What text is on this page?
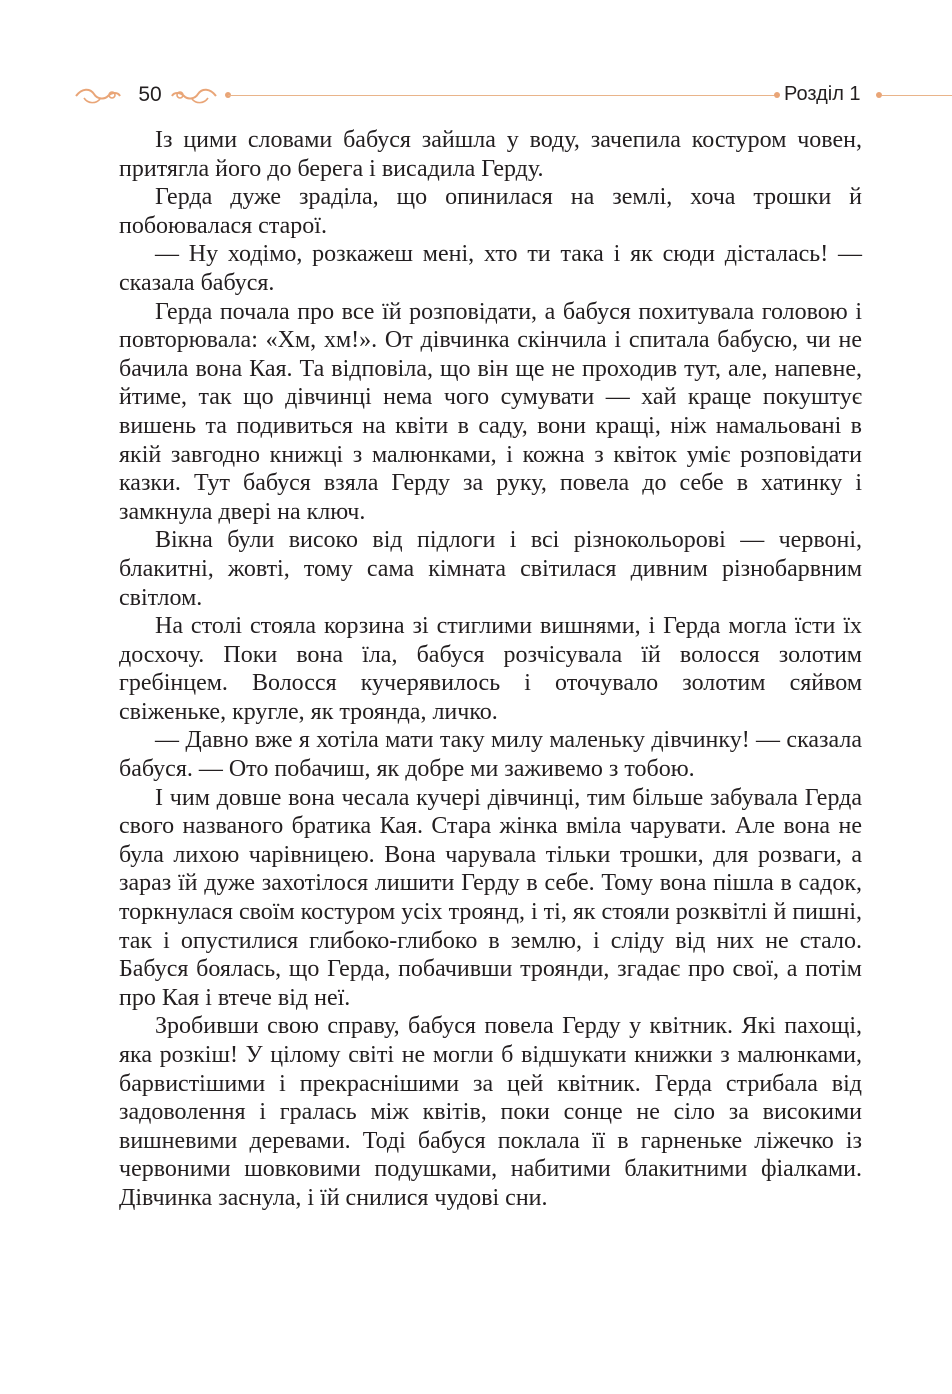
50	Розділ 1

Із цими словами бабуся зайшла у воду, зачепила костуром човен, притягла його до берега і висадила Герду.

Герда дуже зраділа, що опинилася на землі, хоча трошки й побоювалася старої.

— Ну ходімо, розкажеш мені, хто ти така і як сюди дісталась! — сказала бабуся.

Герда почала про все їй розповідати, а бабуся похитувала головою і повторювала: «Хм, хм!». От дівчинка скінчила і спитала бабусю, чи не бачила вона Кая. Та відповіла, що він ще не проходив тут, але, напевне, йтиме, так що дівчинці нема чого сумувати — хай краще покуштує вишень та подивиться на квіти в саду, вони кращі, ніж намальовані в якій завгодно книжці з малюнками, і кожна з квіток уміє розповідати казки. Тут бабуся взяла Герду за руку, повела до себе в хатинку і замкнула двері на ключ.

Вікна були високо від підлоги і всі різнокольорові — червоні, блакитні, жовті, тому сама кімната світилася дивним різнобарвним світлом.

На столі стояла корзина зі стиглими вишнями, і Герда могла їсти їх досхочу. Поки вона їла, бабуся розчісувала їй волосся золотим гребінцем. Волосся кучерявилось і оточувало золотим сяйвом свіженьке, кругле, як троянда, личко.

— Давно вже я хотіла мати таку милу маленьку дівчинку! — сказала бабуся. — Ото побачиш, як добре ми заживемо з тобою.

І чим довше вона чесала кучері дівчинці, тим більше забувала Герда свого названого братика Кая. Стара жінка вміла чарувати. Але вона не була лихою чарівницею. Вона чарувала тільки трошки, для розваги, а зараз їй дуже захотілося лишити Герду в себе. Тому вона пішла в садок, торкнулася своїм костуром усіх троянд, і ті, як стояли розквітлі й пишні, так і опустилися глибоко-глибоко в землю, і сліду від них не стало. Бабуся боялась, що Герда, побачивши троянди, згадає про свої, а потім про Кая і втече від неї.

Зробивши свою справу, бабуся повела Герду у квітник. Які пахощі, яка розкіш! У цілому світі не могли б відшукати книжки з малюнками, барвистішими і прекраснішими за цей квітник. Герда стрибала від задоволення і гралась між квітів, поки сонце не сіло за високими вишневими деревами. Тоді бабуся поклала її в гарненьке ліжечко із червоними шовковими подушками, набитими блакитними фіалками. Дівчинка заснула, і їй снилися чудові сни.
